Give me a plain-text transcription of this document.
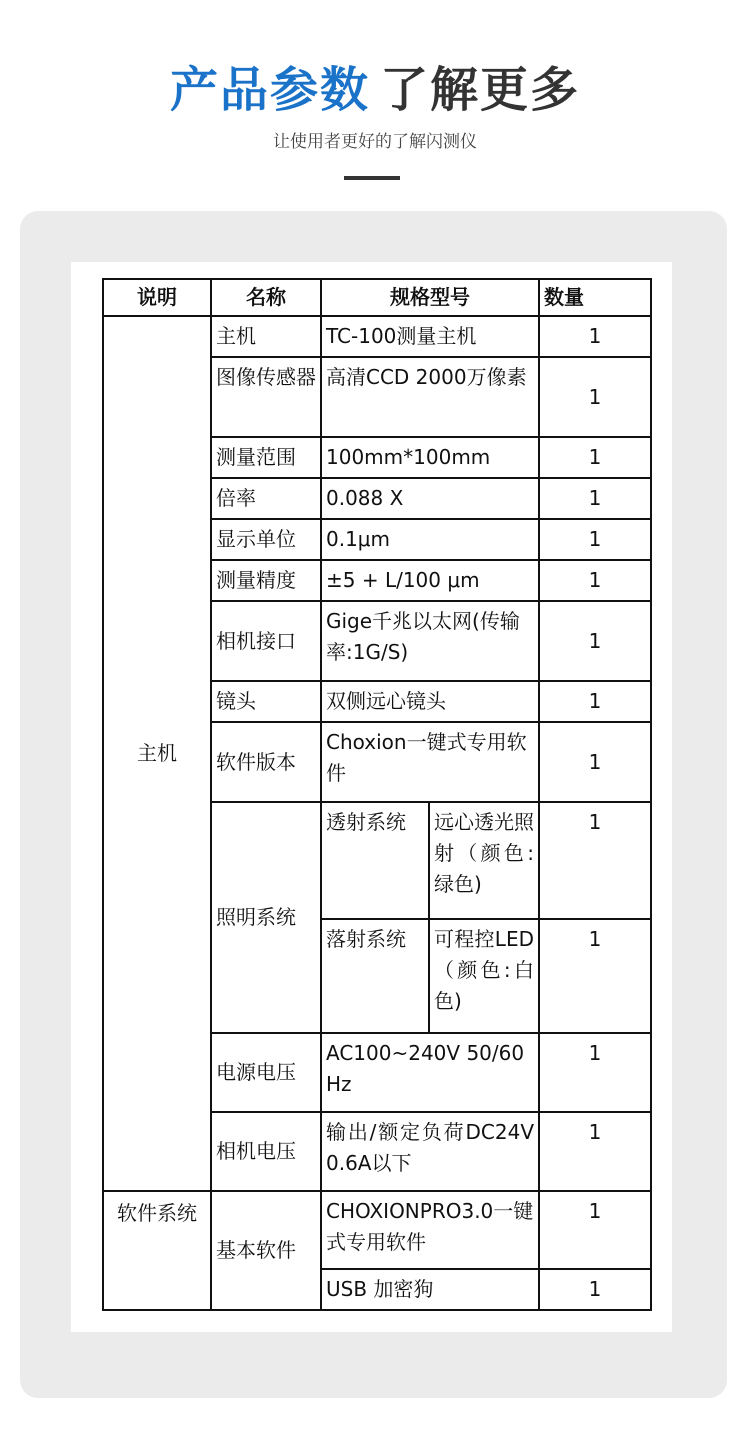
产品参数 了解更多
让使用者更好的了解闪测仪
说明	名称	规格型号		数量
主机	主机	TC-100测量主机		1
	图像传感器	高清CCD 2000万像素		1
	测量范围	100mm*100mm		1
	倍率	0.088 X		1
	显示单位	0.1μm		1
	测量精度	±5 + L/100 μm		1
	相机接口	Gige千兆以太网(传输率:1G/S)		1
	镜头	双侧远心镜头		1
	软件版本	Choxion一键式专用软件		1
	照明系统	透射系统	远心透光照射（颜色:绿色)	1
		落射系统	可程控LED（颜色:白色)	1
	电源电压	AC100~240V 50/60Hz		1
	相机电压	输出/额定负荷DC24V0.6A以下		1
软件系统	基本软件	CHOXIONPRO3.0一键式专用软件		1
		USB 加密狗		1
